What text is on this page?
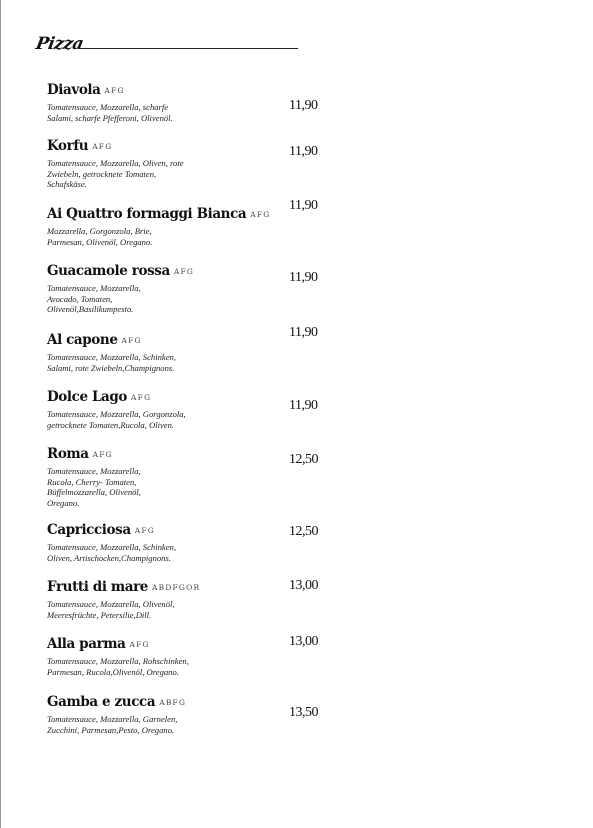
Pizza
Diavola AFG
Tomatensauce, Mozzarella, scharfe
Salami, scharfe Pfefferoni, Olivenöl.
11,90
Korfu AFG
Tomatensauce, Mozzarella, Oliven, rote
Zwiebeln, getrocknete Tomaten,
Schafskäse.
11,90
Ai Quattro formaggi Bianca AFG
Mozzarella, Gorgonzola, Brie,
Parmesan, Olivenöl, Oregano.
11,90
Guacamole rossa AFG
Tomatensauce, Mozzarella,
Avocado, Tomaten,
Olivenöl,Basilikumpesto.
11,90
Al capone AFG
Tomatensauce, Mozzarella, Schinken,
Salami, rote Zwiebeln,Champignons.
11,90
Dolce Lago AFG
Tomatensauce, Mozzarella, Gorgonzola,
getrocknete Tomaten,Rucola, Oliven.
11,90
Roma AFG
Tomatensauce, Mozzarella,
Rucola, Cherry- Tomaten,
Büffelmozzarella, Olivenöl,
Oregano.
12,50
Capricciosa AFG
Tomatensauce, Mozzarella, Schinken,
Oliven, Artischocken,Champignons.
12,50
Frutti di mare ABDFGOR
Tomatensauce, Mozzarella, Olivenöl,
Meeresfrüchte, Petersilie,Dill.
13,00
Alla parma AFG
Tomatensauce, Mozzarella, Rohschinken,
Parmesan, Rucola,Olivenöl, Oregano.
13,00
Gamba e zucca ABFG
Tomatensauce, Mozzarella, Garnelen,
Zucchini, Parmesan,Pesto, Oregano.
13,50
